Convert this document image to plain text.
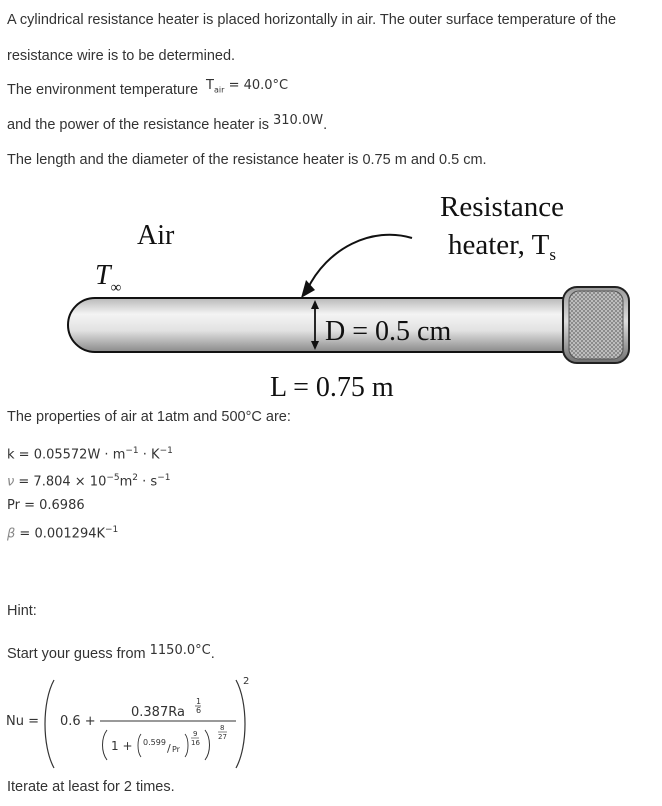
A cylindrical resistance heater is placed horizontally in air. The outer surface temperature of the
resistance wire is to be determined.
The environment temperature $T_{air} = 40.0^\circ C$
and the power of the resistance heater is 310.0W.
The length and the diameter of the resistance heater is 0.75 m and 0.5 cm.
Air
$T_\infty$
Resistance
heater, $T_s$
D = 0.5 cm
L = 0.75 m
The properties of air at 1atm and 500°C are:
$k = 0.05572W \cdot m^{-1} \cdot K^{-1}$
$\nu = 7.804 \times 10^{-5}m^2 \cdot s^{-1}$
Pr = 0.6986
$\beta = 0.001294K^{-1}$
Hint:
Start your guess from 1150.0°C.
Nu =
2
0.6 +
0.387Ra
1
6
1 + 0.599 / Pr
9
16
8
27
Iterate at least for 2 times.
